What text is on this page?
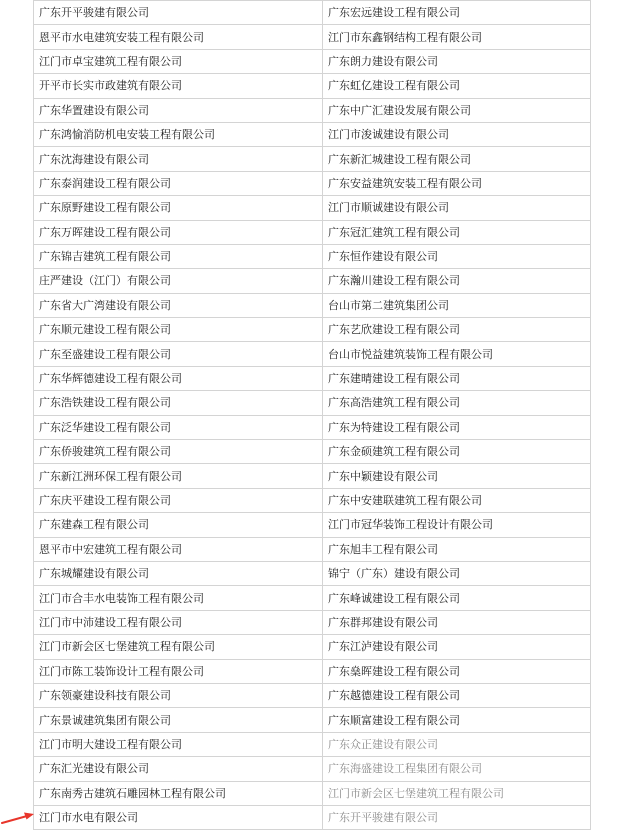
广东开平骏建有限公司	广东宏远建设工程有限公司
恩平市水电建筑安装工程有限公司	江门市东鑫钢结构工程有限公司
江门市卓宝建筑工程有限公司	广东朗力建设有限公司
开平市长实市政建筑有限公司	广东虹亿建设工程有限公司
广东华置建设有限公司	广东中广汇建设发展有限公司
广东鸿愉消防机电安装工程有限公司	江门市浚诚建设有限公司
广东沈海建设有限公司	广东新汇城建设工程有限公司
广东泰润建设工程有限公司	广东安益建筑安装工程有限公司
广东原野建设工程有限公司	江门市顺诚建设有限公司
广东万晖建设工程有限公司	广东冠汇建筑工程有限公司
广东锦吉建筑工程有限公司	广东恒作建设有限公司
庄严建设（江门）有限公司	广东瀚川建设工程有限公司
广东省大广湾建设有限公司	台山市第二建筑集团公司
广东顺元建设工程有限公司	广东艺欣建设工程有限公司
广东至盛建设工程有限公司	台山市悦益建筑装饰工程有限公司
广东华辉德建设工程有限公司	广东建晴建设工程有限公司
广东浩铁建设工程有限公司	广东高浩建筑工程有限公司
广东泛华建设工程有限公司	广东为特建设工程有限公司
广东侨骏建筑工程有限公司	广东金硕建筑工程有限公司
广东新江洲环保工程有限公司	广东中颖建设有限公司
广东庆平建设工程有限公司	广东中安建联建筑工程有限公司
广东建森工程有限公司	江门市冠华装饰工程设计有限公司
恩平市中宏建筑工程有限公司	广东旭丰工程有限公司
广东城耀建设有限公司	锦宁（广东）建设有限公司
江门市合丰水电装饰工程有限公司	广东峰诚建设工程有限公司
江门市中沛建设工程有限公司	广东群邦建设有限公司
江门市新会区七堡建筑工程有限公司	广东江泸建设有限公司
江门市陈工装饰设计工程有限公司	广东燊晖建设工程有限公司
广东领豪建设科技有限公司	广东越德建设工程有限公司
广东景诚建筑集团有限公司	广东顺富建设工程有限公司
江门市明大建设工程有限公司	广东众正建设有限公司
广东汇光建设有限公司	广东海盛建设工程集团有限公司
广东南秀古建筑石雕园林工程有限公司	江门市新会区七堡建筑工程有限公司
江门市水电有限公司	广东开平骏建有限公司
